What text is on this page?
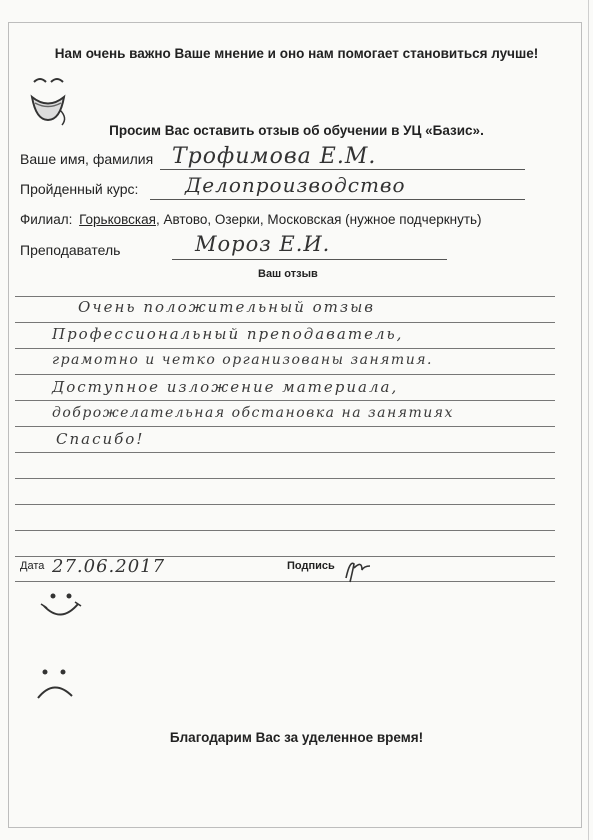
Нам очень важно Ваше мнение и оно нам помогает становиться лучше!
Просим Вас оставить отзыв об обучении в УЦ «Базис».
Ваше имя, фамилия Трофимова Е.М.
Пройденный курс: Делопроизводство
Филиал: Горьковская, Автово, Озерки, Московская (нужное подчеркнуть)
Преподаватель	Мороз Е.И.
Ваш отзыв
Очень положительный отзыв
Профессиональный преподаватель,
грамотно и четко организованы занятия.
Доступное изложение материала,
доброжелательная обстановка на занятиях
Спасибо!
Дата 27.06.2017	Подпись
Благодарим Вас за уделенное время!
